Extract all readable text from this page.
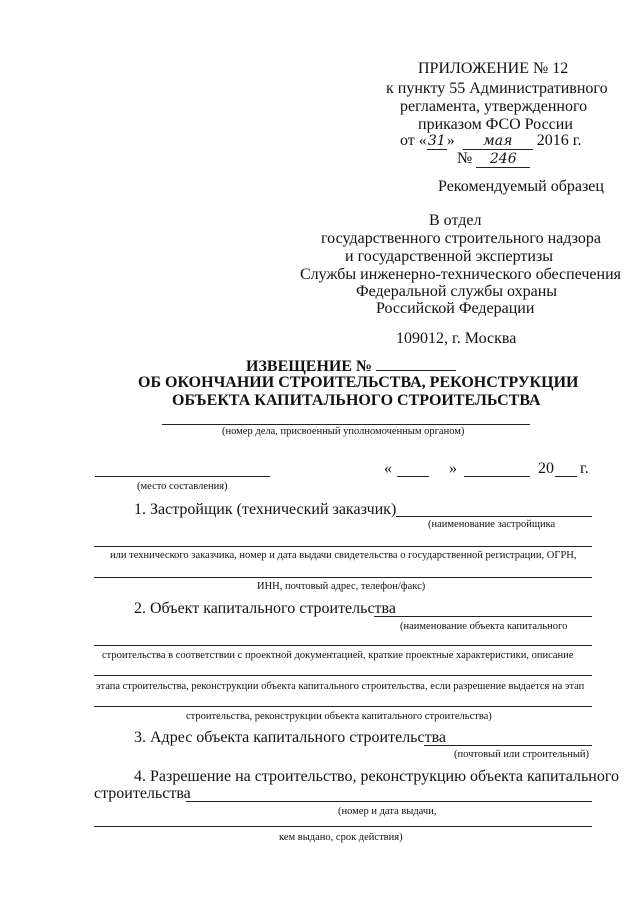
ПРИЛОЖЕНИЕ № 12
к пункту 55 Административного
регламента, утвержденного
приказом ФСО России
от «31» мая 2016 г.
№ 246
Рекомендуемый образец
В отдел
государственного строительного надзора
и государственной экспертизы
Службы инженерно-технического обеспечения
Федеральной службы охраны
Российской Федерации
109012, г. Москва
ИЗВЕЩЕНИЕ №
ОБ ОКОНЧАНИИ СТРОИТЕЛЬСТВА, РЕКОНСТРУКЦИИ
ОБЪЕКТА КАПИТАЛЬНОГО СТРОИТЕЛЬСТВА
(номер дела, присвоенный уполномоченным органом)
(место составления)
«	»	20 г.
1. Застройщик (технический заказчик)
(наименование застройщика
или технического заказчика, номер и дата выдачи свидетельства о государственной регистрации, ОГРН,
ИНН, почтовый адрес, телефон/факс)
2. Объект капитального строительства
(наименование объекта капитального
строительства в соответствии с проектной документацией, краткие проектные характеристики, описание
этапа строительства, реконструкции объекта капитального строительства, если разрешение выдается на этап
строительства, реконструкции объекта капитального строительства)
3. Адрес объекта капитального строительства
(почтовый или строительный)
4. Разрешение на строительство, реконструкцию объекта капитального
строительства
(номер и дата выдачи,
кем выдано, срок действия)
